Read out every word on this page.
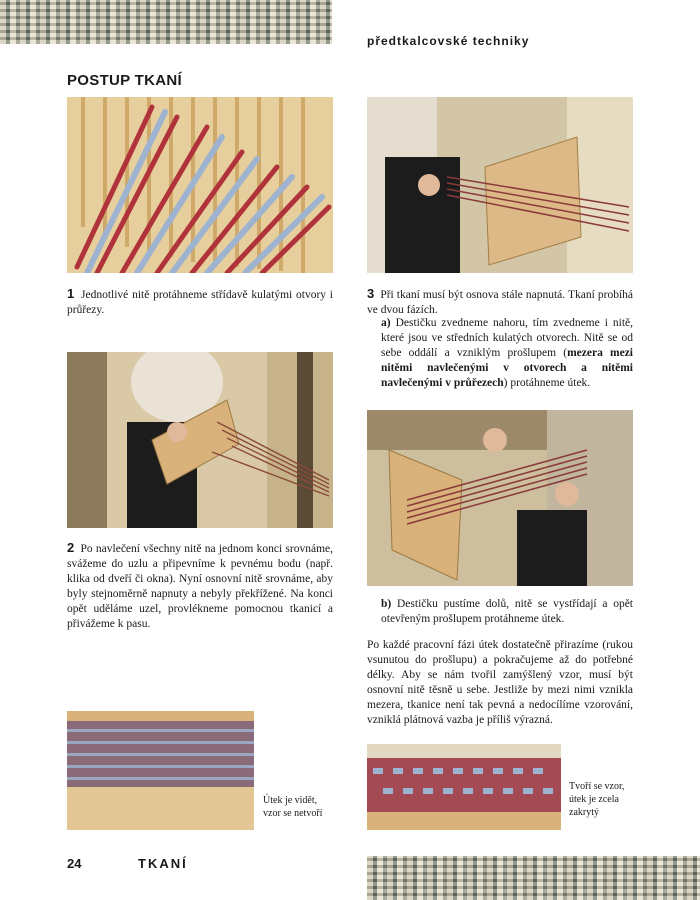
předtkalcovské techniky
POSTUP TKANÍ

1 Jednotlivé nitě protáhneme střídavě kulatými otvory i průřezy.

2 Po navlečení všechny nitě na jednom konci srovnáme, svážeme do uzlu a připevníme k pevnému bodu (např. klika od dveří či okna). Nyní osnovní nitě srovnáme, aby byly stejnoměrně napnuty a nebyly překřížené. Na konci opět uděláme uzel, provlékneme pomocnou tkanicí a přivážeme k pasu.

Útek je vidět, vzor se netvoří

3 Při tkaní musí být osnova stále napnutá. Tkaní probíhá ve dvou fázích.

a) Destičku zvedneme nahoru, tím zvedneme i nitě, které jsou ve středních kulatých otvorech. Nitě se od sebe oddálí a vzniklým prošlupem (mezera mezi nitěmi navlečenými v otvorech a nitěmi navlečenými v průřezech) protáhneme útek.

b) Destičku pustíme dolů, nitě se vystřídají a opět otevřeným prošlupem protáhneme útek.

Po každé pracovní fázi útek dostatečně přirazíme (rukou vsunutou do prošlupu) a pokračujeme až do potřebné délky. Aby se nám tvořil zamýšlený vzor, musí být osnovní nitě těsně u sebe. Jestliže by mezi nimi vznikla mezera, tkanice není tak pevná a nedocílíme vzorování, vzniklá plátnová vazba je příliš výrazná.

Tvoří se vzor, útek je zcela zakrytý
24	TKANÍ
